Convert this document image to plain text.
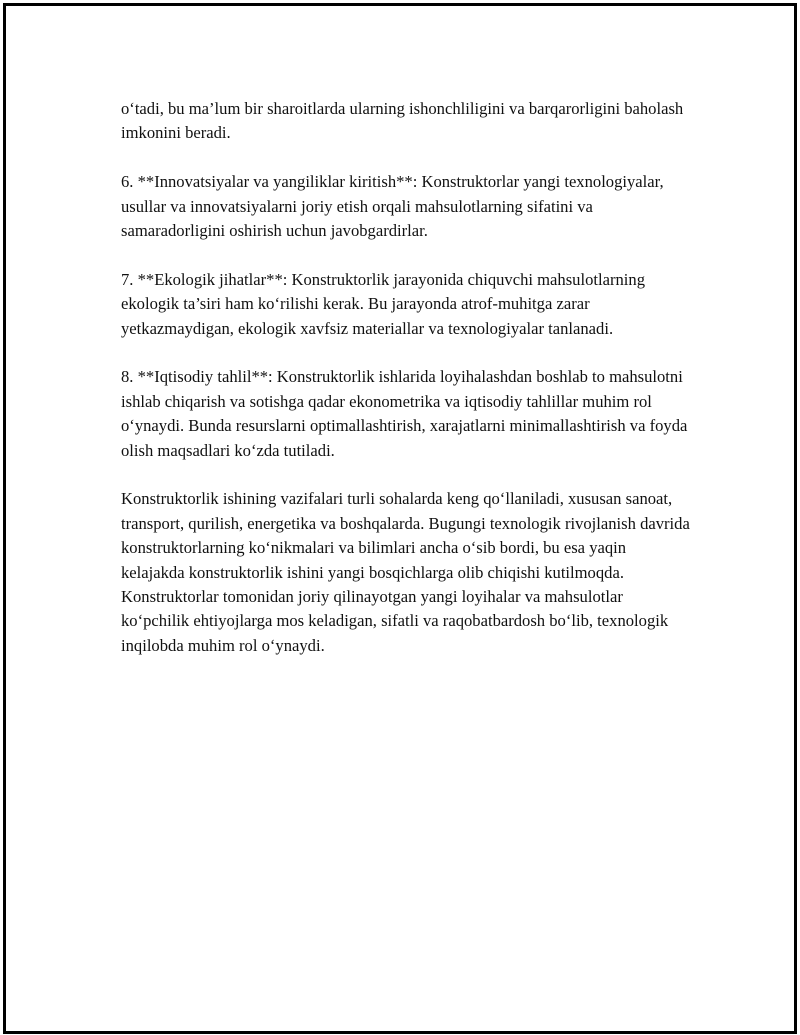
o‘tadi, bu ma’lum bir sharoitlarda ularning ishonchliligini va barqarorligini baholash imkonini beradi.

6. **Innovatsiyalar va yangiliklar kiritish**: Konstruktorlar yangi texnologiyalar, usullar va innovatsiyalarni joriy etish orqali mahsulotlarning sifatini va samaradorligini oshirish uchun javobgardirlar.

7. **Ekologik jihatlar**: Konstruktorlik jarayonida chiquvchi mahsulotlarning ekologik ta’siri ham ko‘rilishi kerak. Bu jarayonda atrof-muhitga zarar yetkazmaydigan, ekologik xavfsiz materiallar va texnologiyalar tanlanadi.

8. **Iqtisodiy tahlil**: Konstruktorlik ishlarida loyihalashdan boshlab to mahsulotni ishlab chiqarish va sotishga qadar ekonometrika va iqtisodiy tahlillar muhim rol o‘ynaydi. Bunda resurslarni optimallashtirish, xarajatlarni minimallashtirish va foyda olish maqsadlari ko‘zda tutiladi.

Konstruktorlik ishining vazifalari turli sohalarda keng qo‘llaniladi, xususan sanoat, transport, qurilish, energetika va boshqalarda. Bugungi texnologik rivojlanish davrida konstruktorlarning ko‘nikmalari va bilimlari ancha o‘sib bordi, bu esa yaqin kelajakda konstruktorlik ishini yangi bosqichlarga olib chiqishi kutilmoqda. Konstruktorlar tomonidan joriy qilinayotgan yangi loyihalar va mahsulotlar ko‘pchilik ehtiyojlarga mos keladigan, sifatli va raqobatbardosh bo‘lib, texnologik inqilobda muhim rol o‘ynaydi.
